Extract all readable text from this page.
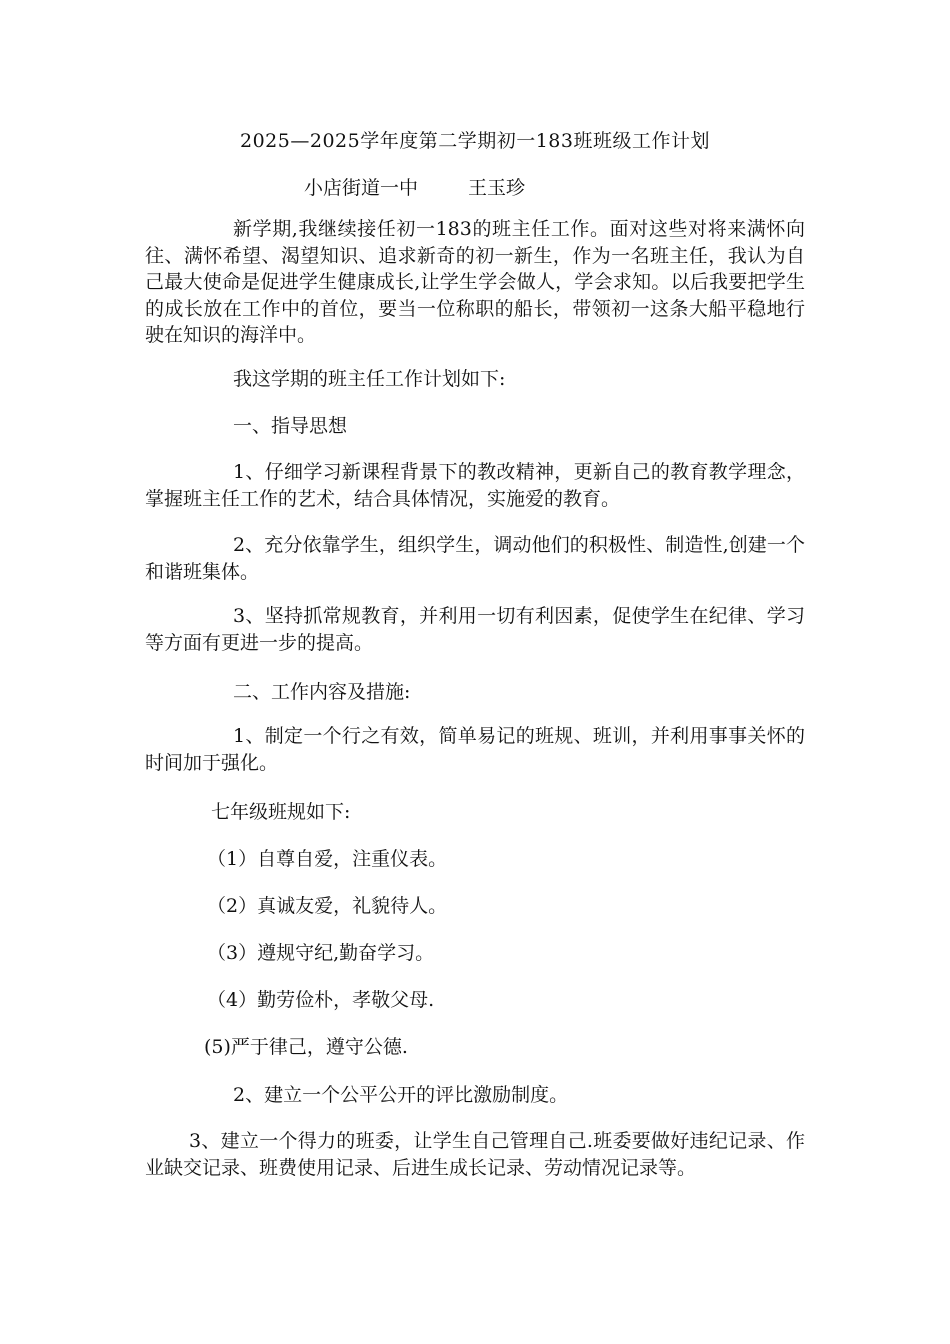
2025—2025学年度第二学期初一183班班级工作计划
小店街道一中	王玉珍

新学期,我继续接任初一183的班主任工作。面对这些对将来满怀向往、满怀希望、渴望知识、追求新奇的初一新生，作为一名班主任，我认为自己最大使命是促进学生健康成长,让学生学会做人，学会求知。以后我要把学生的成长放在工作中的首位，要当一位称职的船长，带领初一这条大船平稳地行驶在知识的海洋中。

我这学期的班主任工作计划如下:

一、指导思想

1、仔细学习新课程背景下的教改精神，更新自己的教育教学理念，掌握班主任工作的艺术，结合具体情况，实施爱的教育。

2、充分依靠学生，组织学生，调动他们的积极性、制造性,创建一个和谐班集体。

3、坚持抓常规教育，并利用一切有利因素，促使学生在纪律、学习等方面有更进一步的提高。

二、工作内容及措施:

1、制定一个行之有效，简单易记的班规、班训，并利用事事关怀的时间加于强化。

七年级班规如下:

（1）自尊自爱，注重仪表。

（2）真诚友爱，礼貌待人。

（3）遵规守纪,勤奋学习。

（4）勤劳俭朴，孝敬父母.

(5)严于律己，遵守公德.

2、建立一个公平公开的评比激励制度。

3、建立一个得力的班委，让学生自己管理自己.班委要做好违纪记录、作业缺交记录、班费使用记录、后进生成长记录、劳动情况记录等。
